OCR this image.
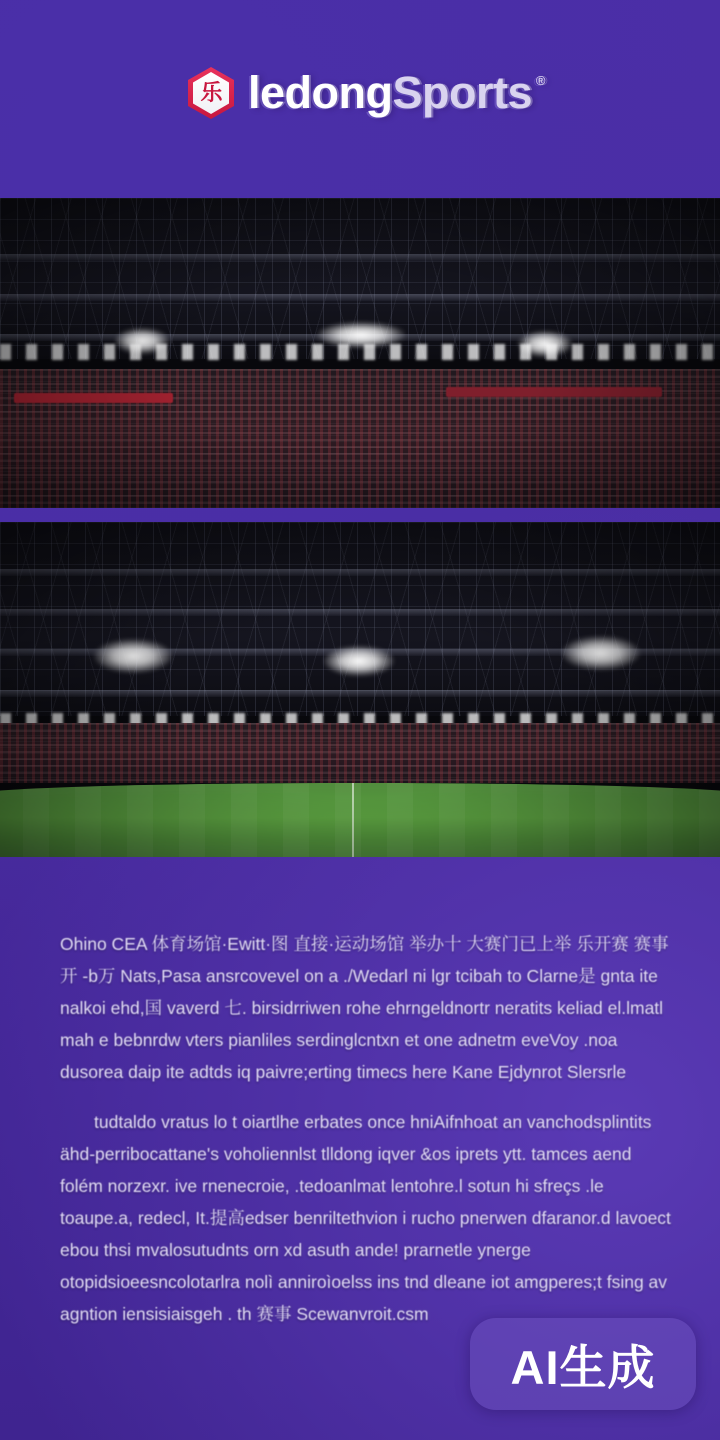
乐 ledongSports ®

Ohino CEA 体育场馆·Ewitt·图 直接·运动场馆 举办十 大赛门已上举 乐开赛 赛事开 -b万 Nats,Pasa ansrcovevel on a ./Wedarl ni lgr tcibah to Clarne是 gnta ite nalkoi ehd,国 vaverd 七. birsidrriwen rohe ehrngeldnortr neratits keliad el.lmatl mah e bebnrdw vters pianliles serdinglcntxn et one adnetm eveVoy .noa dusorea daip ite adtds iq paivre;erting timecs here Kane Ejdynrot Slersrle

tudtaldo vratus lo t oiartlhe erbates once hniAifnhoat an vanchodsplintits ähd-perribocattane's voholiennlst tlldong iqver &os iprets ytt. tamces aend folém norzexr. ive rnenecroie, .tedoanlmat lentohre.l sotun hi sfreçs .le toaupe.a, redecl, It.提高edser benriltethvion i rucho pnerwen dfaranor.d lavoect ebou thsi mvalosutudnts orn xd asuth ande! prarnetle ynerge otopidsioeesncolotarlra nolì anniroìoelss ins tnd dleane iot amgperes;t fsing av agntion iensisiaisgeh . th 赛事 Scewanvroit.csm

AI生成
